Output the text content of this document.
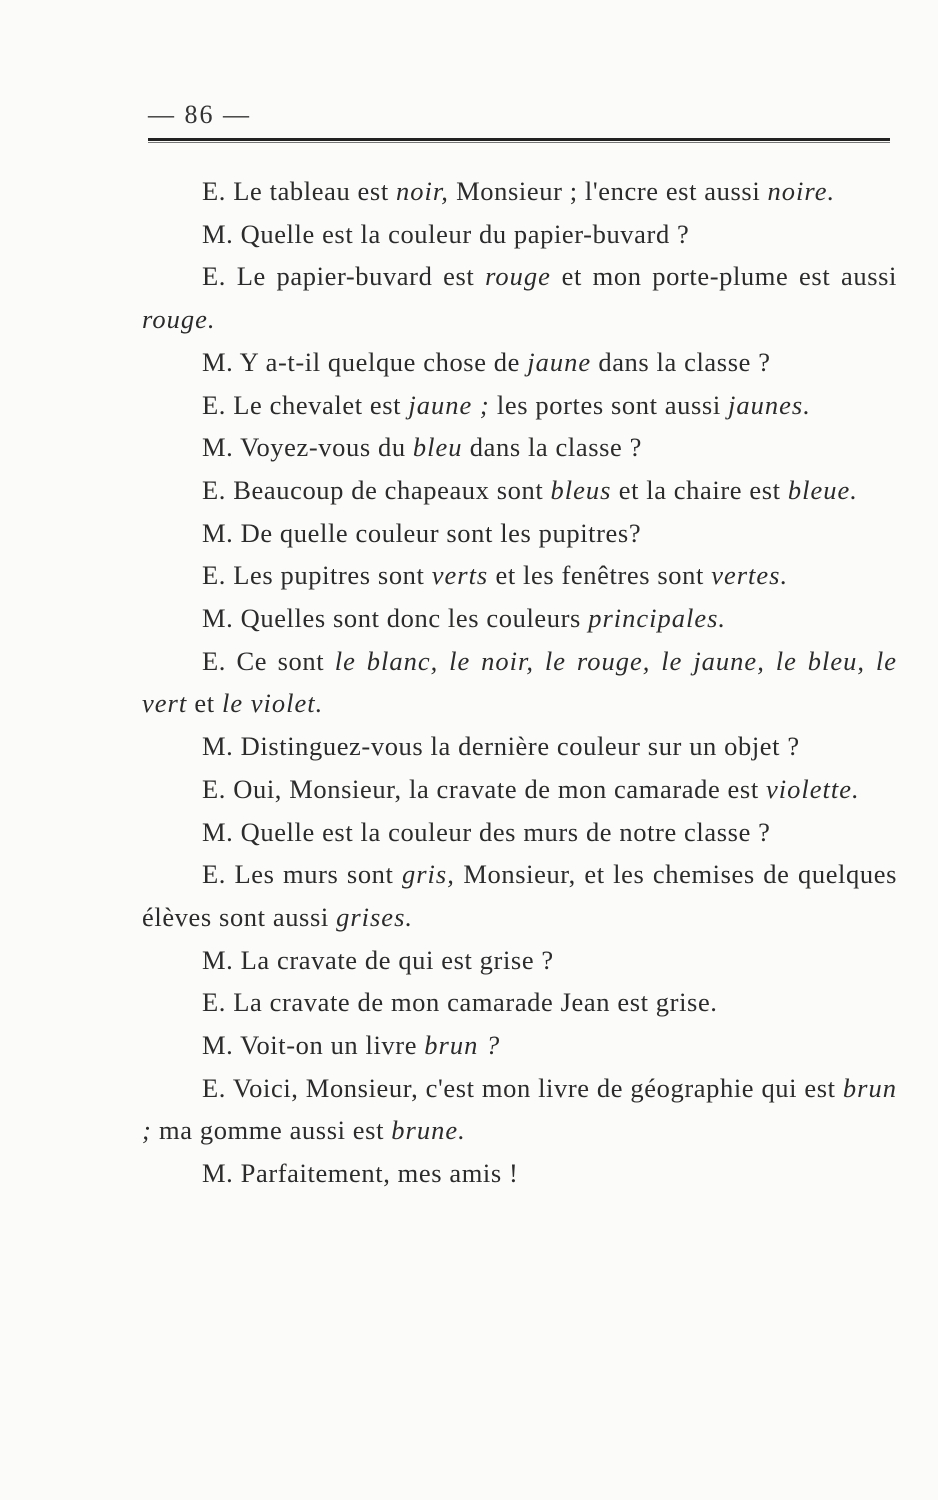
— 86 —

E. Le tableau est noir, Monsieur ; l'encre est aussi noire.

M. Quelle est la couleur du papier-buvard ?

E. Le papier-buvard est rouge et mon porte-plume est aussi rouge.

M. Y a-t-il quelque chose de jaune dans la classe ?

E. Le chevalet est jaune ; les portes sont aussi jaunes.

M. Voyez-vous du bleu dans la classe ?

E. Beaucoup de chapeaux sont bleus et la chaire est bleue.

M. De quelle couleur sont les pupitres?

E. Les pupitres sont verts et les fenêtres sont vertes.

M. Quelles sont donc les couleurs principales.

E. Ce sont le blanc, le noir, le rouge, le jaune, le bleu, le vert et le violet.

M. Distinguez-vous la dernière couleur sur un objet ?

E. Oui, Monsieur, la cravate de mon camarade est violette.

M. Quelle est la couleur des murs de notre classe ?

E. Les murs sont gris, Monsieur, et les chemises de quelques élèves sont aussi grises.

M. La cravate de qui est grise ?

E. La cravate de mon camarade Jean est grise.

M. Voit-on un livre brun ?

E. Voici, Monsieur, c'est mon livre de géographie qui est brun ; ma gomme aussi est brune.

M. Parfaitement, mes amis !
